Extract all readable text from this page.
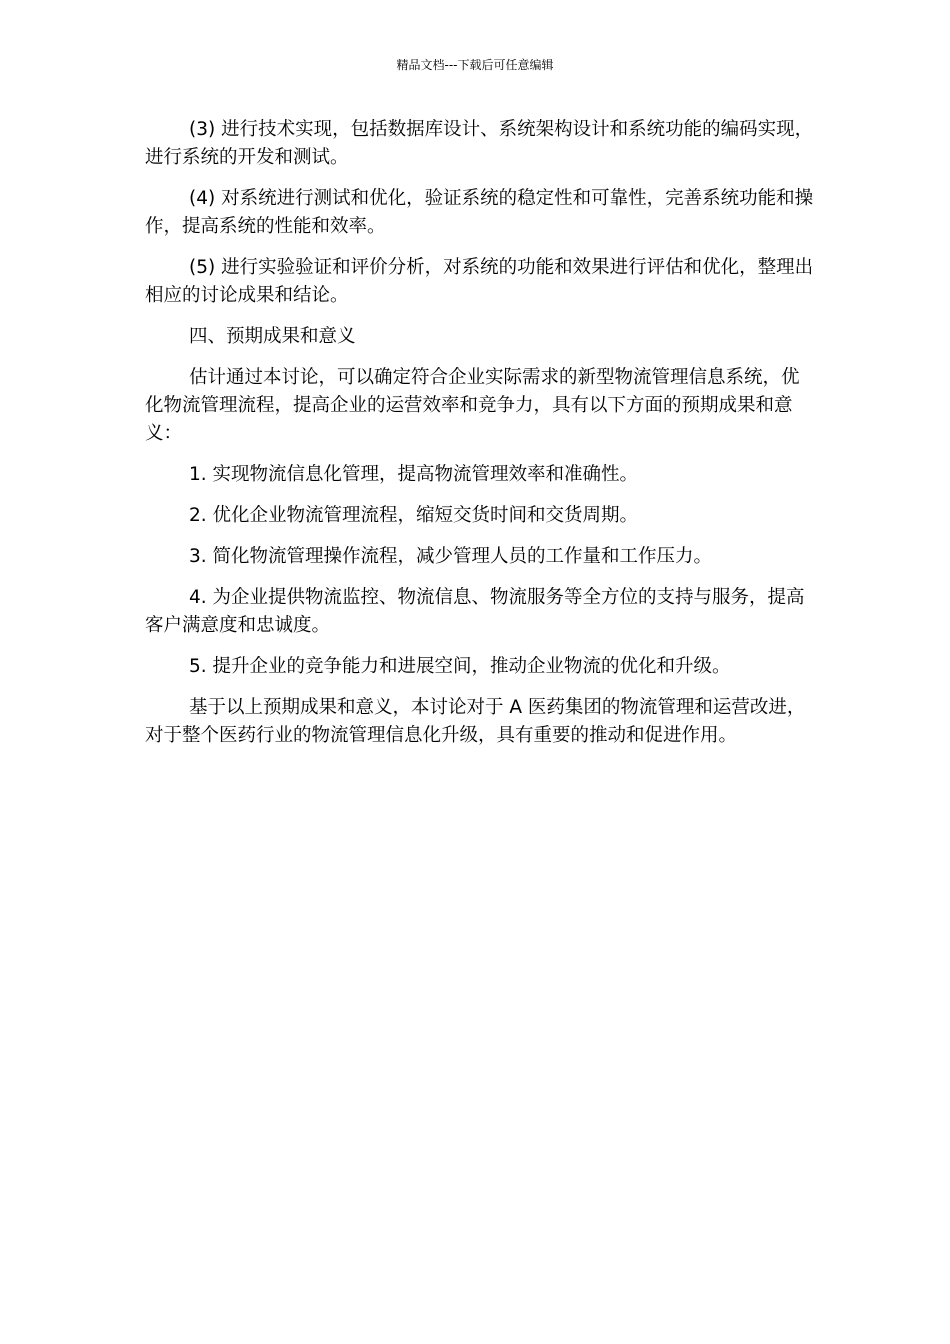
精品文档---下载后可任意编辑

(3) 进行技术实现，包括数据库设计、系统架构设计和系统功能的编码实现，进行系统的开发和测试。

(4) 对系统进行测试和优化，验证系统的稳定性和可靠性，完善系统功能和操作，提高系统的性能和效率。

(5) 进行实验验证和评价分析，对系统的功能和效果进行评估和优化，整理出相应的讨论成果和结论。

四、预期成果和意义

估计通过本讨论，可以确定符合企业实际需求的新型物流管理信息系统，优化物流管理流程，提高企业的运营效率和竞争力，具有以下方面的预期成果和意义：

1. 实现物流信息化管理，提高物流管理效率和准确性。

2. 优化企业物流管理流程，缩短交货时间和交货周期。

3. 简化物流管理操作流程，减少管理人员的工作量和工作压力。

4. 为企业提供物流监控、物流信息、物流服务等全方位的支持与服务，提高客户满意度和忠诚度。

5. 提升企业的竞争能力和进展空间，推动企业物流的优化和升级。

基于以上预期成果和意义，本讨论对于 A 医药集团的物流管理和运营改进，对于整个医药行业的物流管理信息化升级，具有重要的推动和促进作用。
